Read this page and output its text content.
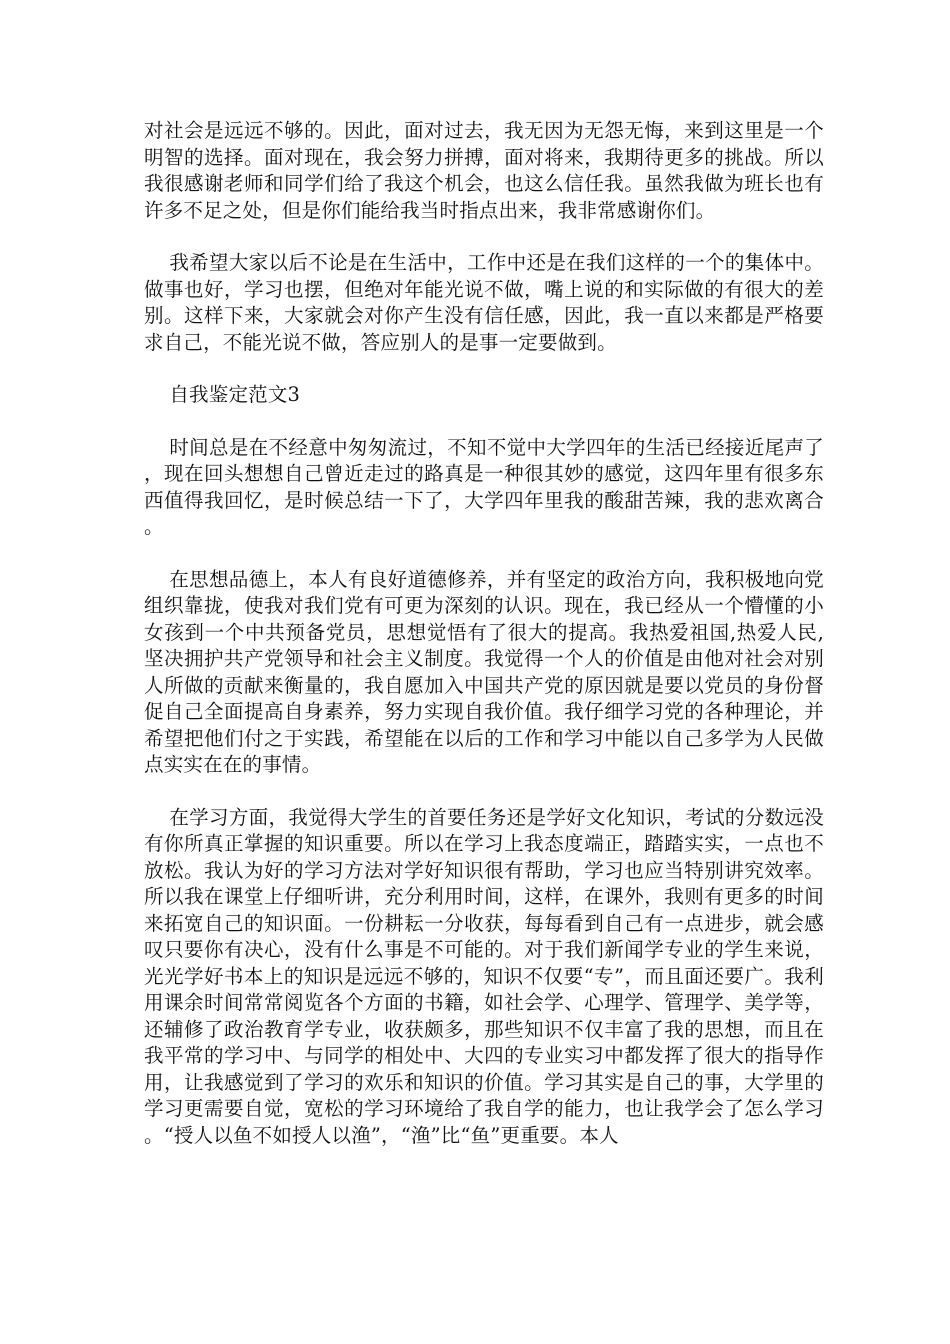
对社会是远远不够的。因此，面对过去，我无因为无怨无悔，来到这里是一个明智的选择。面对现在，我会努力拼搏，面对将来，我期待更多的挑战。所以我很感谢老师和同学们给了我这个机会，也这么信任我。虽然我做为班长也有许多不足之处，但是你们能给我当时指点出来，我非常感谢你们。

我希望大家以后不论是在生活中，工作中还是在我们这样的一个的集体中。做事也好，学习也摆，但绝对年能光说不做，嘴上说的和实际做的有很大的差别。这样下来，大家就会对你产生没有信任感，因此，我一直以来都是严格要求自己，不能光说不做，答应别人的是事一定要做到。

自我鉴定范文3

时间总是在不经意中匆匆流过，不知不觉中大学四年的生活已经接近尾声了，现在回头想想自己曾近走过的路真是一种很其妙的感觉，这四年里有很多东西值得我回忆，是时候总结一下了，大学四年里我的酸甜苦辣，我的悲欢离合。

在思想品德上，本人有良好道德修养，并有坚定的政治方向，我积极地向党组织靠拢，使我对我们党有可更为深刻的认识。现在，我已经从一个懵懂的小女孩到一个中共预备党员，思想觉悟有了很大的提高。我热爱祖国,热爱人民,坚决拥护共产党领导和社会主义制度。我觉得一个人的价值是由他对社会对别人所做的贡献来衡量的，我自愿加入中国共产党的原因就是要以党员的身份督促自己全面提高自身素养，努力实现自我价值。我仔细学习党的各种理论，并希望把他们付之于实践，希望能在以后的工作和学习中能以自己多学为人民做点实实在在的事情。

在学习方面，我觉得大学生的首要任务还是学好文化知识，考试的分数远没有你所真正掌握的知识重要。所以在学习上我态度端正，踏踏实实，一点也不放松。我认为好的学习方法对学好知识很有帮助，学习也应当特别讲究效率。所以我在课堂上仔细听讲，充分利用时间，这样，在课外，我则有更多的时间来拓宽自己的知识面。一份耕耘一分收获，每每看到自己有一点进步，就会感叹只要你有决心，没有什么事是不可能的。对于我们新闻学专业的学生来说，光光学好书本上的知识是远远不够的，知识不仅要“专”，而且面还要广。我利用课余时间常常阅览各个方面的书籍，如社会学、心理学、管理学、美学等，还辅修了政治教育学专业，收获颇多，那些知识不仅丰富了我的思想，而且在我平常的学习中、与同学的相处中、大四的专业实习中都发挥了很大的指导作用，让我感觉到了学习的欢乐和知识的价值。学习其实是自己的事，大学里的学习更需要自觉，宽松的学习环境给了我自学的能力，也让我学会了怎么学习。“授人以鱼不如授人以渔”，“渔”比“鱼”更重要。本人
